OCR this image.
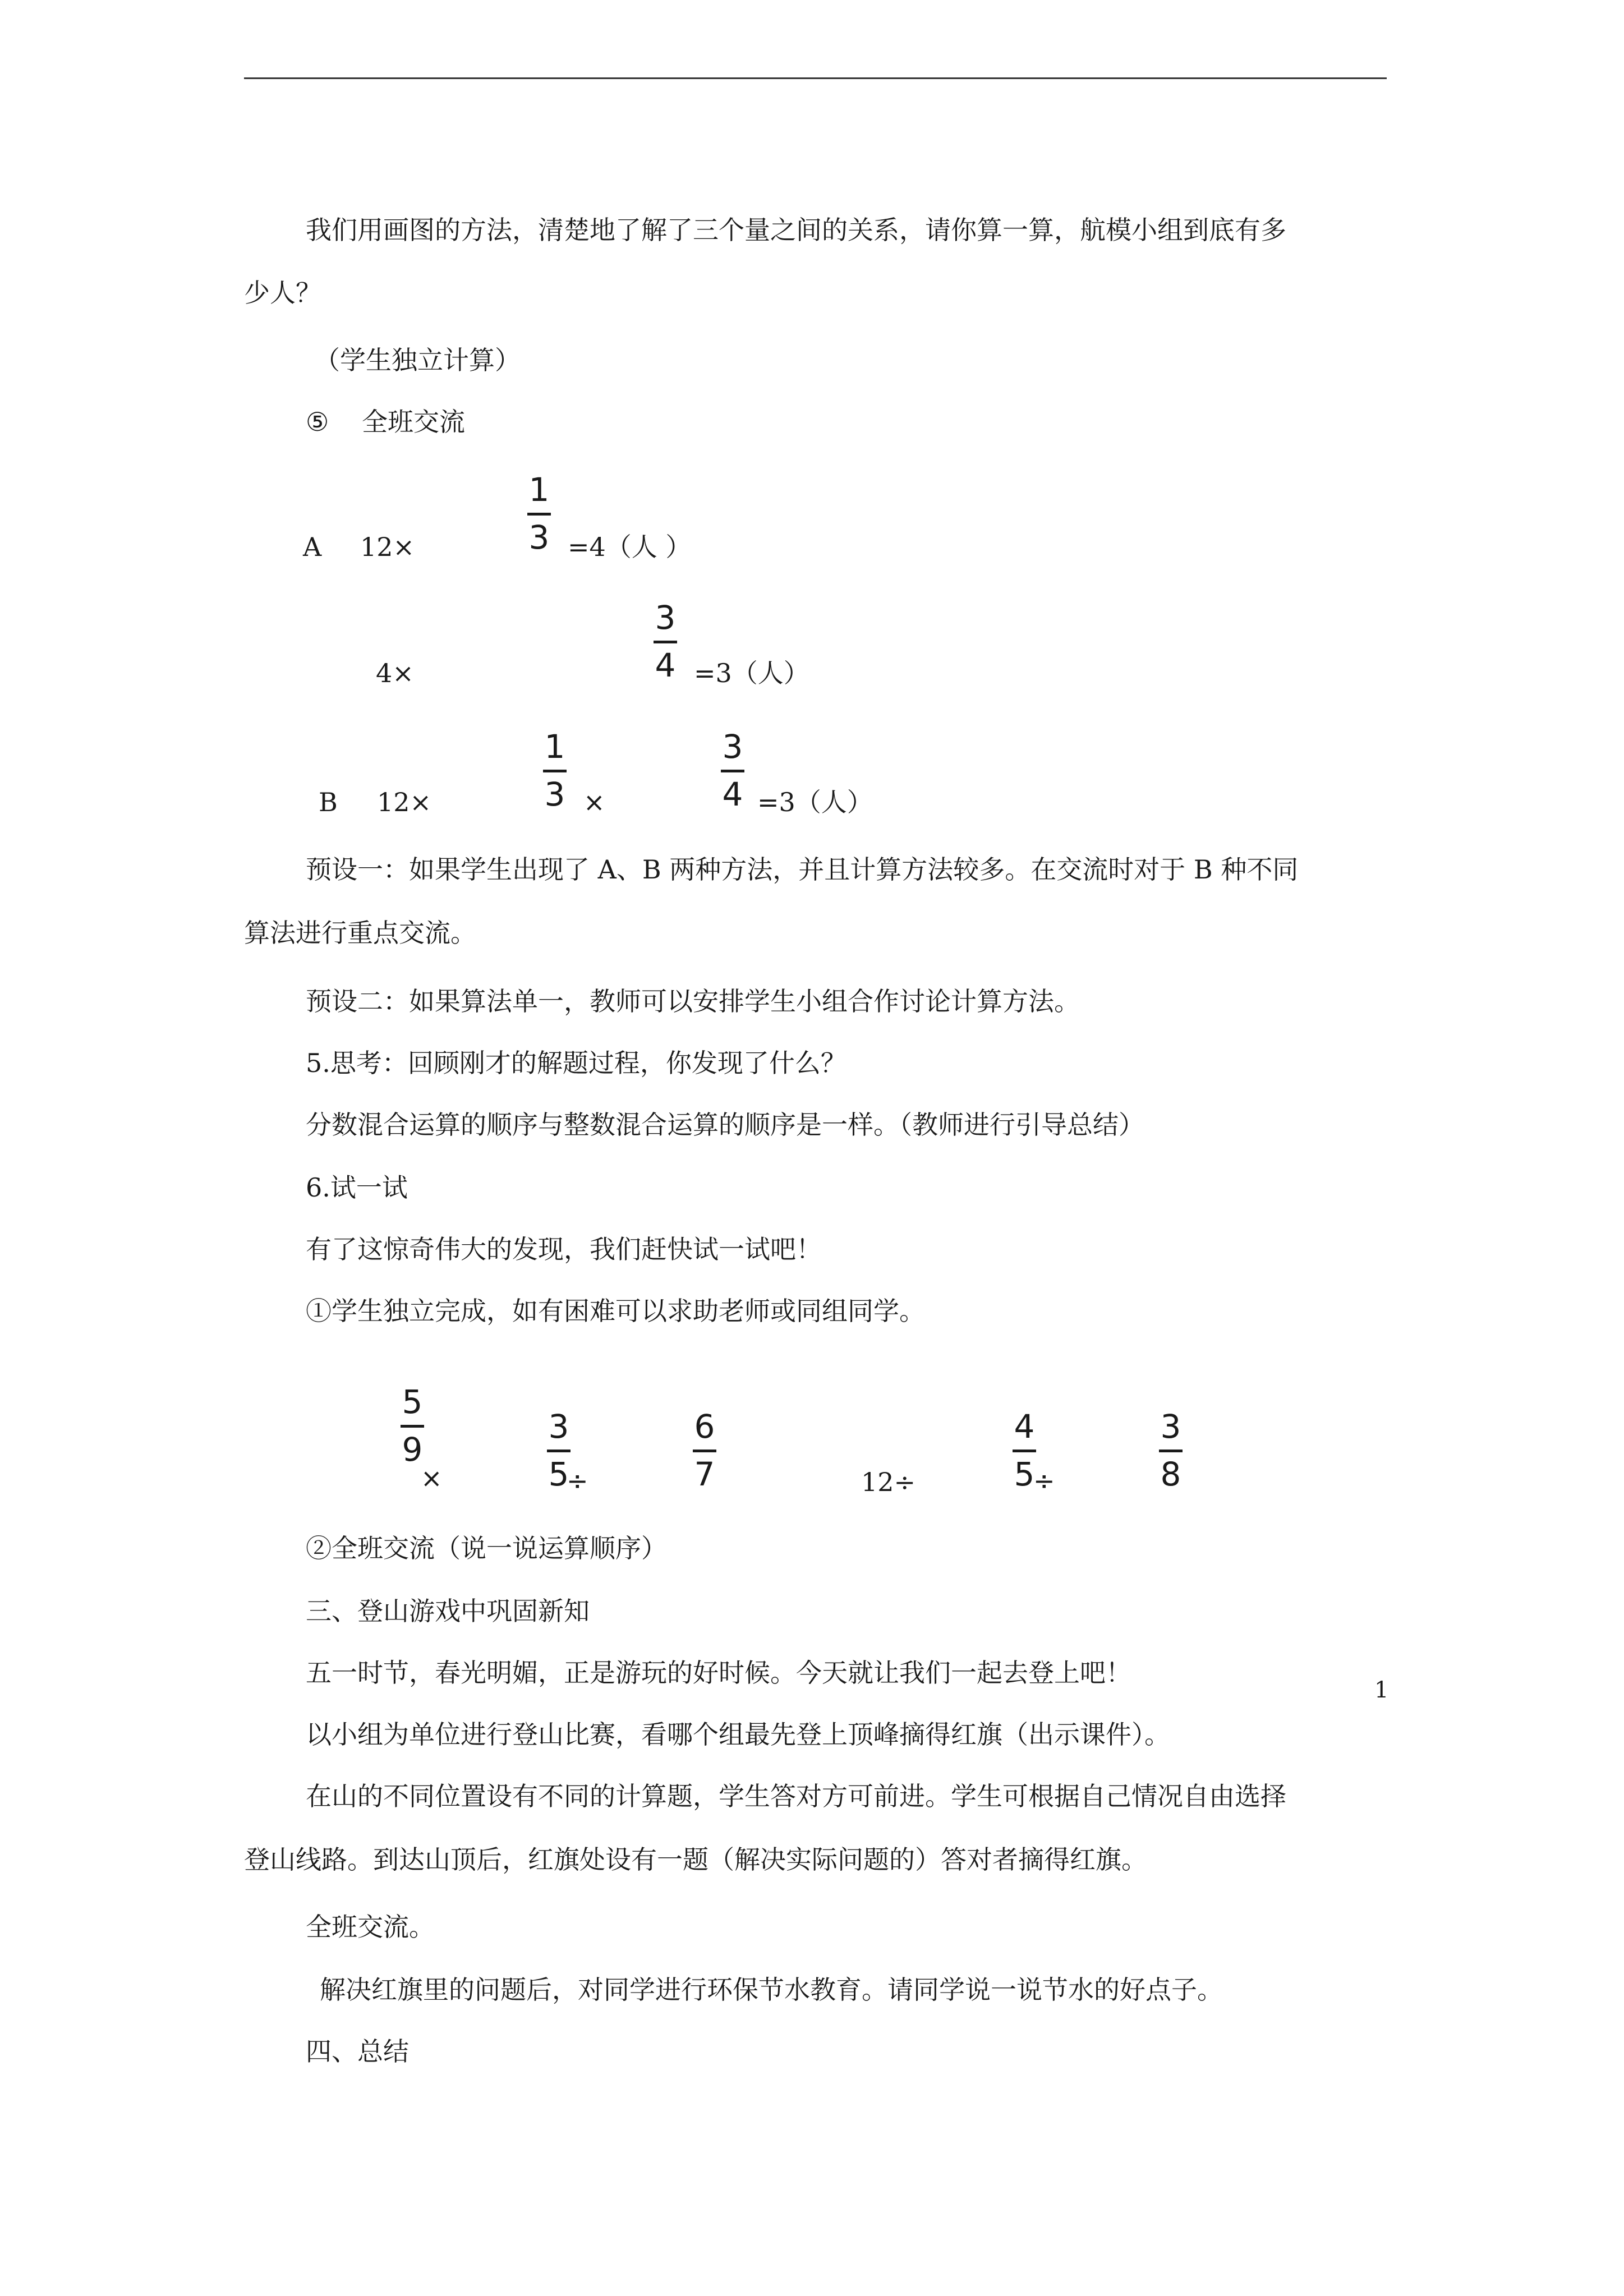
我们用画图的方法，清楚地了解了三个量之间的关系，请你算一算，航模小组到底有多
少人？
（学生独立计算）
⑤ 全班交流
A 12×
1
3 =4（人 ）
4×
3
4 =3（人）
B 12×
1
3 ×
3
4 =3（人）
预设一：如果学生出现了 A、B 两种方法，并且计算方法较多。在交流时对于 B 种不同
算法进行重点交流。
预设二：如果算法单一，教师可以安排学生小组合作讨论计算方法。
5.思考：回顾刚才的解题过程，你发现了什么？
分数混合运算的顺序与整数混合运算的顺序是一样。（教师进行引导总结）
6.试一试
有了这惊奇伟大的发现，我们赶快试一试吧！
①学生独立完成，如有困难可以求助老师或同组同学。
5
9
×
3
5
÷
6
7	12÷
4
5
÷
3
8
②全班交流（说一说运算顺序）
三、登山游戏中巩固新知
五一时节，春光明媚，正是游玩的好时候。今天就让我们一起去登上吧！
以小组为单位进行登山比赛，看哪个组最先登上顶峰摘得红旗（出示课件）。
在山的不同位置设有不同的计算题，学生答对方可前进。学生可根据自己情况自由选择
登山线路。到达山顶后，红旗处设有一题（解决实际问题的）答对者摘得红旗。
全班交流。
解决红旗里的问题后，对同学进行环保节水教育。请同学说一说节水的好点子。
四、总结
1
